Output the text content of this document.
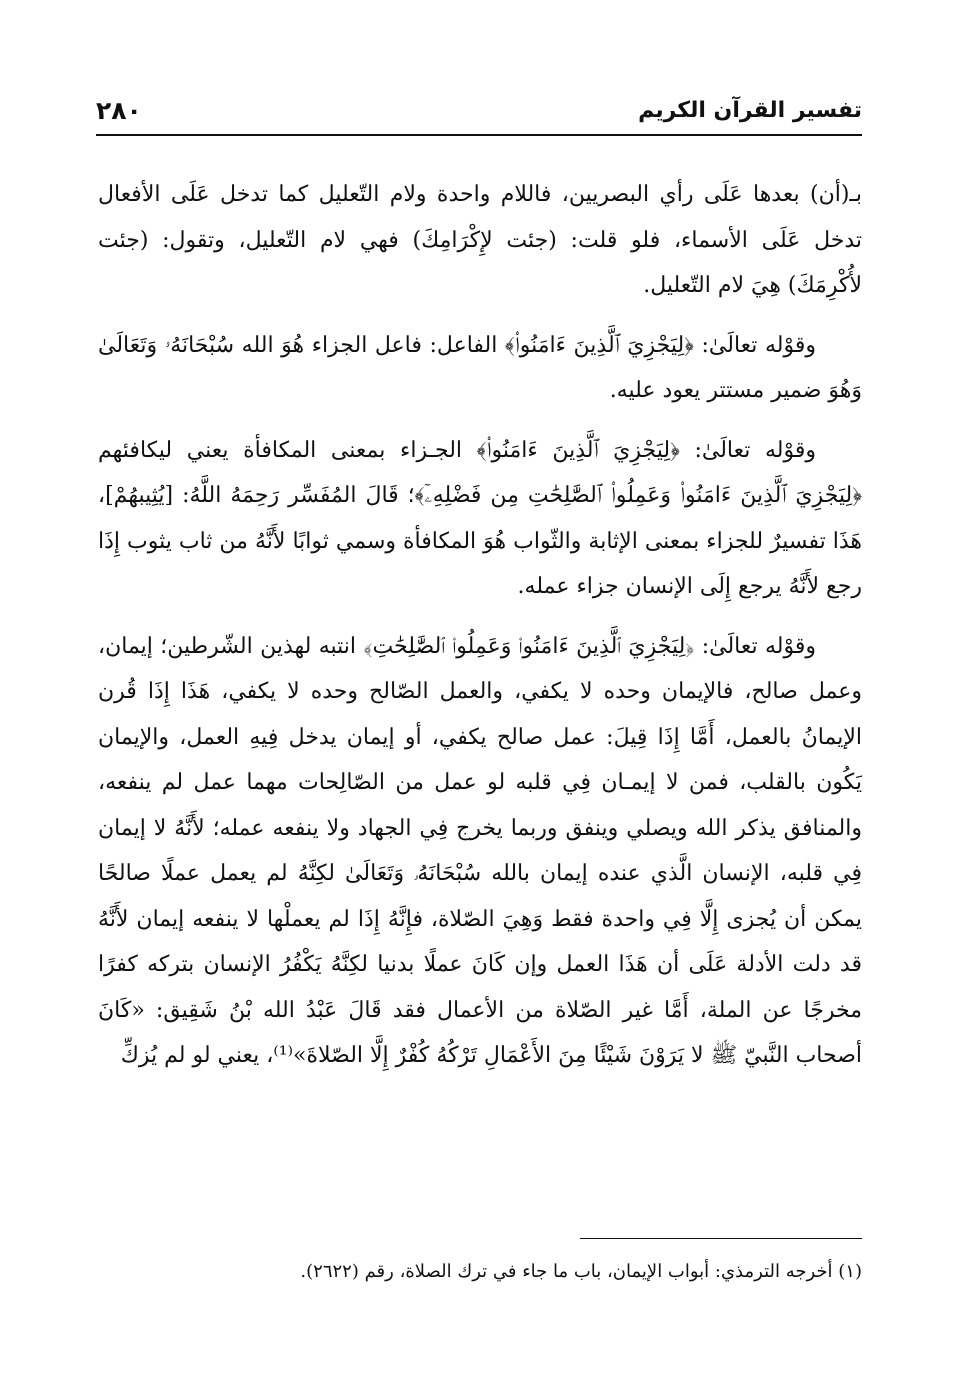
تفسير القرآن الكريم
٢٨٠

بـ(أن) بعدها عَلَى رأي البصريين، فاللام واحدة ولام التّعليل كما تدخل عَلَى الأفعال تدخل عَلَى الأسماء، فلو قلت: (جئت لإِكْرَامِكَ) فهي لام التّعليل، وتقول: (جئت لأُكْرِمَكَ) هِيَ لام التّعليل.

وقوْله تعالَىٰ: ﴿لِيَجْزِيَ ٱلَّذِينَ ءَامَنُوا۟﴾ الفاعل: فاعل الجزاء هُوَ الله سُبْحَانَهُۥ وَتَعَالَىٰ وَهُوَ ضمير مستتر يعود عليه.

وقوْله تعالَىٰ: ﴿لِيَجْزِيَ ٱلَّذِينَ ءَامَنُوا۟﴾ الجـزاء بمعنى المكافأة يعني ليكافئهم ﴿لِيَجْزِيَ ٱلَّذِينَ ءَامَنُوا۟ وَعَمِلُوا۟ ٱلصَّٰلِحَٰتِ مِن فَضْلِهِۦٓ﴾؛ قَالَ المُفَسِّر رَحِمَهُ اللَّهُ: [يُثِيبهُمْ]، هَذَا تفسيرٌ للجزاء بمعنى الإثابة والثّواب هُوَ المكافأة وسمي ثوابًا لأَنَّهُ من ثاب يثوب إِذَا رجع لأَنَّهُ يرجع إِلَى الإنسان جزاء عمله.

وقوْله تعالَىٰ: ﴿لِيَجْزِيَ ٱلَّذِينَ ءَامَنُوا۟ وَعَمِلُوا۟ ٱلصَّٰلِحَٰتِ﴾ انتبه لهذين الشّرطين؛ إيمان، وعمل صالح، فالإيمان وحده لا يكفي، والعمل الصّالح وحده لا يكفي، هَذَا إِذَا قُرن الإيمانُ بالعمل، أَمَّا إِذَا قِيلَ: عمل صالح يكفي، أو إيمان يدخل فِيهِ العمل، والإيمان يَكُون بالقلب، فمن لا إيمـان فِي قلبه لو عمل من الصّالِحات مهما عمل لم ينفعه، والمنافق يذكر الله ويصلي وينفق وربما يخرج فِي الجهاد ولا ينفعه عمله؛ لأَنَّهُ لا إيمان فِي قلبه، الإنسان الَّذي عنده إيمان بالله سُبْحَانَهُۥ وَتَعَالَىٰ لكِنَّهُ لم يعمل عملًا صالحًا يمكن أن يُجزى إِلَّا فِي واحدة فقط وَهِيَ الصّلاة، فإِنَّهُ إِذَا لم يعملْها لا ينفعه إيمان لأَنَّهُ قد دلت الأدلة عَلَى أن هَذَا العمل وإن كَانَ عملًا بدنيا لكِنَّهُ يَكْفُرُ الإنسان بتركه كفرًا مخرجًا عن الملة، أَمَّا غير الصّلاة من الأعمال فقد قَالَ عَبْدُ الله بْنُ شَقِيق: «كَانَ أصحاب النَّبيّ ﷺ لا يَرَوْنَ شَيْئًا مِنَ الأَعْمَالِ تَرْكُهُ كُفْرٌ إِلَّا الصّلاةَ»⁽¹⁾، يعني لو لم يُزكِّ

(١) أخرجه الترمذي: أبواب الإيمان، باب ما جاء في ترك الصلاة، رقم (٢٦٢٢).
